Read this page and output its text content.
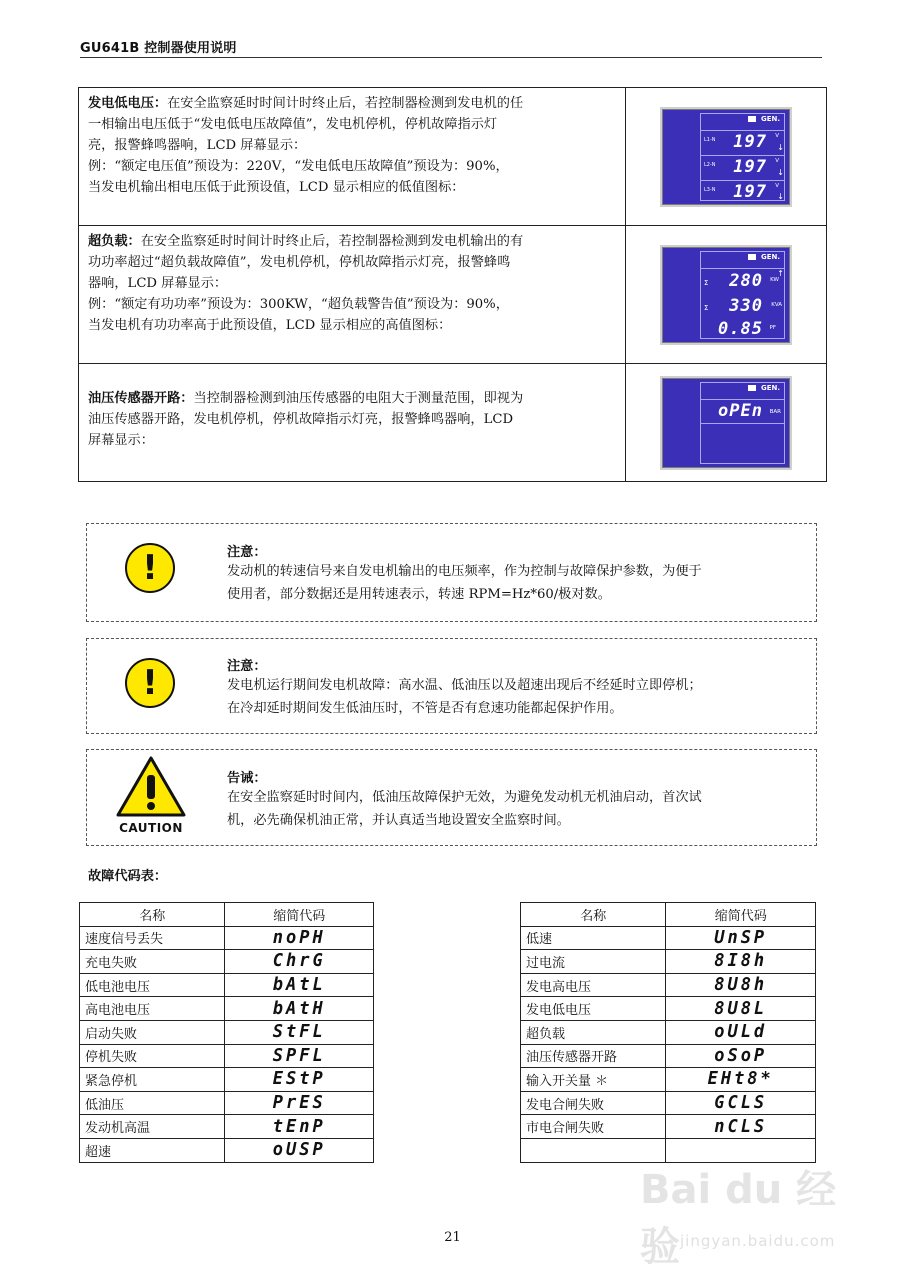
GU641B 控制器使用说明
发电低电压：在安全监察延时时间计时终止后，若控制器检测到发电机的任
一相输出电压低于“发电低电压故障值”，发电机停机，停机故障指示灯
亮，报警蜂鸣器响，LCD 屏幕显示：
例：“额定电压值”预设为：220V，“发电低电压故障值”预设为：90%，
当发电机输出相电压低于此预设值，LCD 显示相应的低值图标：
GEN.
L1-N 197 V
↓
L2-N 197 V
↓
L3-N 197 V
↓
超负载：在安全监察延时时间计时终止后，若控制器检测到发电机输出的有
功功率超过“超负载故障值”，发电机停机，停机故障指示灯亮，报警蜂鸣
器响，LCD 屏幕显示：
例：“额定有功功率”预设为：300KW，“超负载警告值”预设为：90%，
当发电机有功功率高于此预设值，LCD 显示相应的高值图标：
GEN.
Σ 280 KW
↑
Σ 330 KVA
0.85 PF
油压传感器开路：当控制器检测到油压传感器的电阻大于测量范围，即视为
油压传感器开路，发电机停机，停机故障指示灯亮，报警蜂鸣器响，LCD
屏幕显示：
GEN.
oPEn BAR
!	注意：
发动机的转速信号来自发电机输出的电压频率，作为控制与故障保护参数，为便于
使用者，部分数据还是用转速表示，转速 RPM=Hz*60/极对数。
!	注意：
发电机运行期间发电机故障：高水温、低油压以及超速出现后不经延时立即停机；
在冷却延时期间发生低油压时，不管是否有怠速功能都起保护作用。
CAUTION
告诫：
在安全监察延时时间内，低油压故障保护无效，为避免发动机无机油启动，首次试
机，必先确保机油正常，并认真适当地设置安全监察时间。
故障代码表：
名称	缩简代码
速度信号丢失	noPH
充电失败	ChrG
低电池电压	bAtL
高电池电压	bAtH
启动失败	StFL
停机失败	SPFL
紧急停机	EStP
低油压	PrES
发动机高温	tEnP
超速	oUSP
名称	缩简代码
低速	UnSP
过电流	8I8h
发电高电压	8U8h
发电低电压	8U8L
超负载	oULd
油压传感器开路	oSoP
输入开关量 ＊	EHt8*
发电合闸失败	GCLS
市电合闸失败	nCLS

21
Bai du 经验 jingyan.baidu.com
